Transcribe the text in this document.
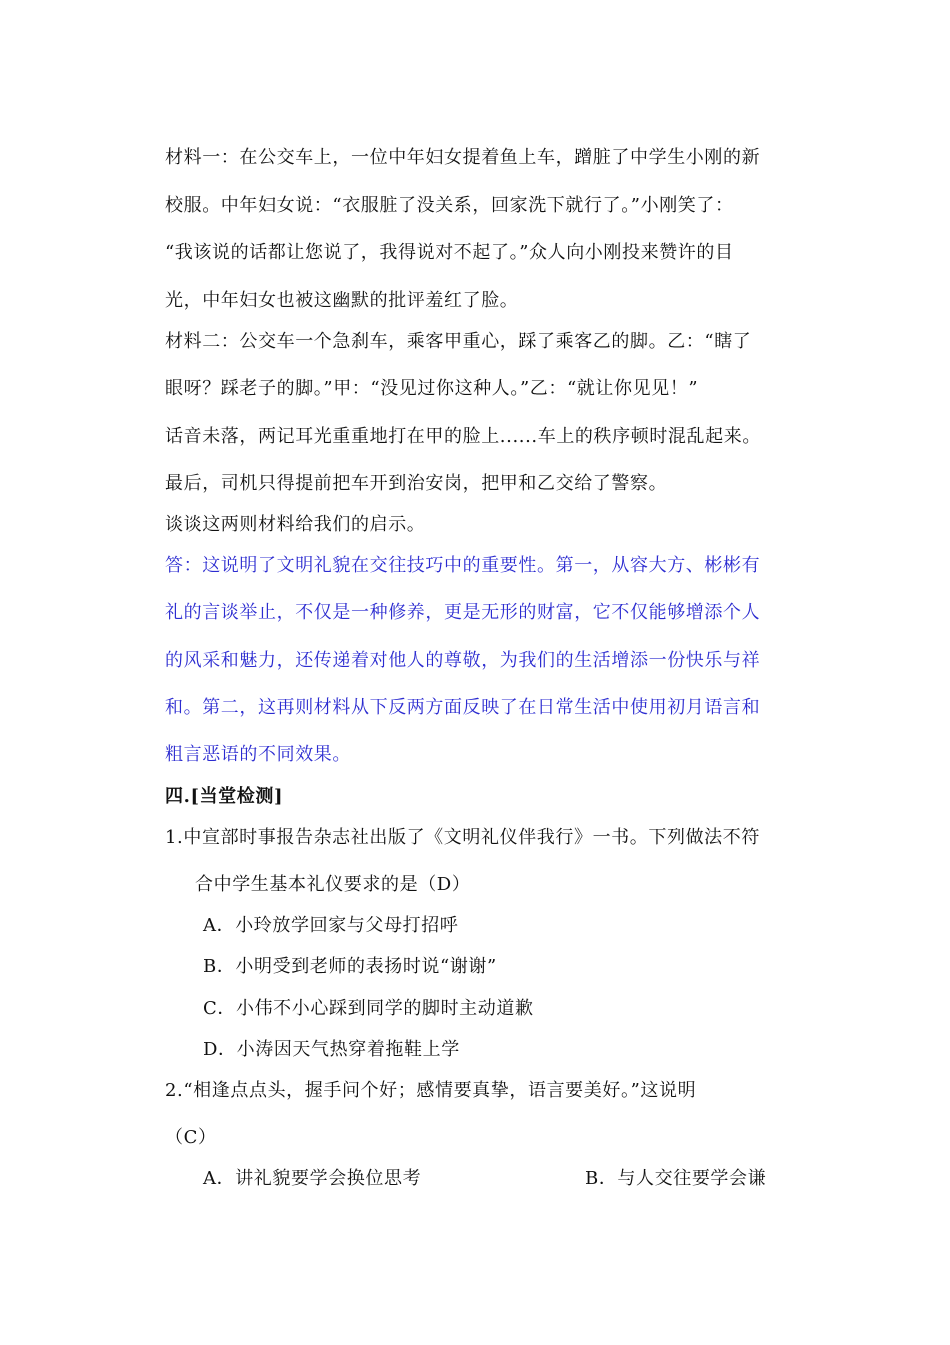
材料一：在公交车上，一位中年妇女提着鱼上车，蹭脏了中学生小刚的新
校服。中年妇女说：“衣服脏了没关系，回家洗下就行了。”小刚笑了：
“我该说的话都让您说了，我得说对不起了。”众人向小刚投来赞许的目
光，中年妇女也被这幽默的批评羞红了脸。
材料二：公交车一个急刹车，乘客甲重心，踩了乘客乙的脚。乙：“瞎了
眼呀？踩老子的脚。”甲：“没见过你这种人。”乙：“就让你见见！”
话音未落，两记耳光重重地打在甲的脸上......车上的秩序顿时混乱起来。
最后，司机只得提前把车开到治安岗，把甲和乙交给了警察。
谈谈这两则材料给我们的启示。
答：这说明了文明礼貌在交往技巧中的重要性。第一，从容大方、彬彬有
礼的言谈举止，不仅是一种修养，更是无形的财富，它不仅能够增添个人
的风采和魅力，还传递着对他人的尊敬，为我们的生活增添一份快乐与祥
和。第二，这再则材料从下反两方面反映了在日常生活中使用初月语言和
粗言恶语的不同效果。
四.[当堂检测]
1.中宣部时事报告杂志社出版了《文明礼仪伴我行》一书。下列做法不符
合中学生基本礼仪要求的是（D）
A．小玲放学回家与父母打招呼
B．小明受到老师的表扬时说“谢谢”
C．小伟不小心踩到同学的脚时主动道歉
D．小涛因天气热穿着拖鞋上学
2.“相逢点点头，握手问个好；感情要真挚，语言要美好。”这说明
（C）
A．讲礼貌要学会换位思考	B．与人交往要学会谦
